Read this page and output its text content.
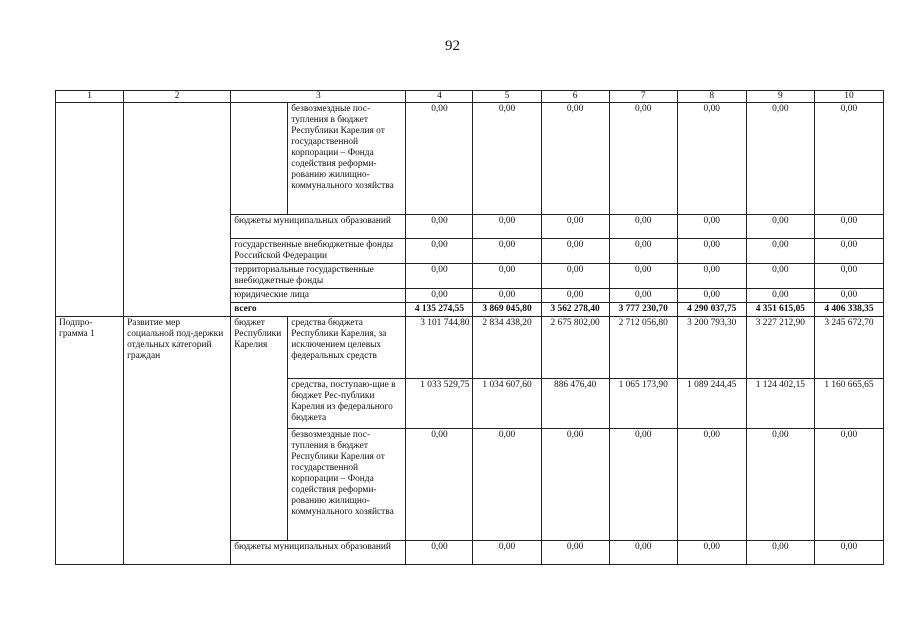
92
1	2	3		4	5	6	7	8	9	10
			безвозмездные пос-тупления в бюджет Республики Карелия от государственной корпорации – Фонда содействия реформи-рованию жилищно-коммунального хозяйства	0,00	0,00	0,00	0,00	0,00	0,00	0,00
		бюджеты муниципальных образований		0,00	0,00	0,00	0,00	0,00	0,00	0,00
		государственные внебюджетные фонды Российской Федерации		0,00	0,00	0,00	0,00	0,00	0,00	0,00
		территориальные государственные внебюджетные фонды		0,00	0,00	0,00	0,00	0,00	0,00	0,00
		юридические лица		0,00	0,00	0,00	0,00	0,00	0,00	0,00
		всего		4 135 274,55	3 869 045,80	3 562 278,40	3 777 230,70	4 290 037,75	4 351 615,05	4 406 338,35
Подпро-грамма 1	Развитие мер социальной под-держки отдельных категорий граждан	бюджет Республики Карелия	средства бюджета Республики Карелия, за исключением целевых федеральных средств	3 101 744,80	2 834 438,20	2 675 802,00	2 712 056,80	3 200 793,30	3 227 212,90	3 245 672,70
			средства, поступаю-щие в бюджет Рес-публики Карелия из федерального бюджета	1 033 529,75	1 034 607,60	886 476,40	1 065 173,90	1 089 244,45	1 124 402,15	1 160 665,65
			безвозмездные пос-тупления в бюджет Республики Карелия от государственной корпорации – Фонда содействия реформи-рованию жилищно-коммунального хозяйства	0,00	0,00	0,00	0,00	0,00	0,00	0,00
		бюджеты муниципальных образований		0,00	0,00	0,00	0,00	0,00	0,00	0,00
